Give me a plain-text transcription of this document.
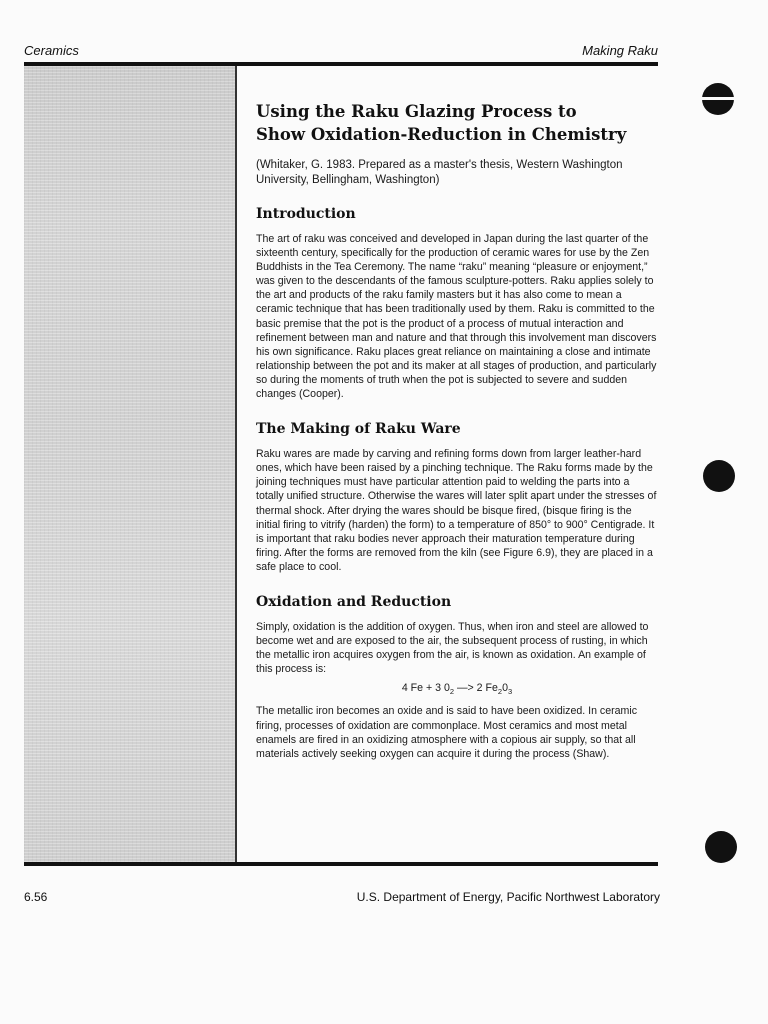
Ceramics	Making Raku
Using the Raku Glazing Process to
Show Oxidation-Reduction in Chemistry
(Whitaker, G. 1983. Prepared as a master's thesis, Western Washington University, Bellingham, Washington)
Introduction

The art of raku was conceived and developed in Japan during the last quarter of the sixteenth century, specifically for the production of ceramic wares for use by the Zen Buddhists in the Tea Ceremony. The name “raku” meaning “pleasure or enjoyment,” was given to the descendants of the famous sculpture-potters. Raku applies solely to the art and products of the raku family masters but it has also come to mean a ceramic technique that has been traditionally used by them. Raku is committed to the basic premise that the pot is the product of a process of mutual interaction and refinement between man and nature and that through this involvement man discovers his own significance. Raku places great reliance on maintaining a close and intimate relationship between the pot and its maker at all stages of production, and particularly so during the moments of truth when the pot is subjected to severe and sudden changes (Cooper).

The Making of Raku Ware

Raku wares are made by carving and refining forms down from larger leather-hard ones, which have been raised by a pinching technique. The Raku forms made by the joining techniques must have particular attention paid to welding the parts into a totally unified structure. Otherwise the wares will later split apart under the stresses of thermal shock. After drying the wares should be bisque fired, (bisque firing is the initial firing to vitrify (harden) the form) to a temperature of 850° to 900° Centigrade. It is important that raku bodies never approach their maturation temperature during firing. After the forms are removed from the kiln (see Figure 6.9), they are placed in a safe place to cool.

Oxidation and Reduction

Simply, oxidation is the addition of oxygen. Thus, when iron and steel are allowed to become wet and are exposed to the air, the subsequent process of rusting, in which the metallic iron acquires oxygen from the air, is known as oxidation. An example of this process is:

4 Fe + 3 $0_2$ —> 2 $Fe_20_3$

The metallic iron becomes an oxide and is said to have been oxidized. In ceramic firing, processes of oxidation are commonplace. Most ceramics and most metal enamels are fired in an oxidizing atmosphere with a copious air supply, so that all materials actively seeking oxygen can acquire it during the process (Shaw).

6.56	U.S. Department of Energy, Pacific Northwest Laboratory
